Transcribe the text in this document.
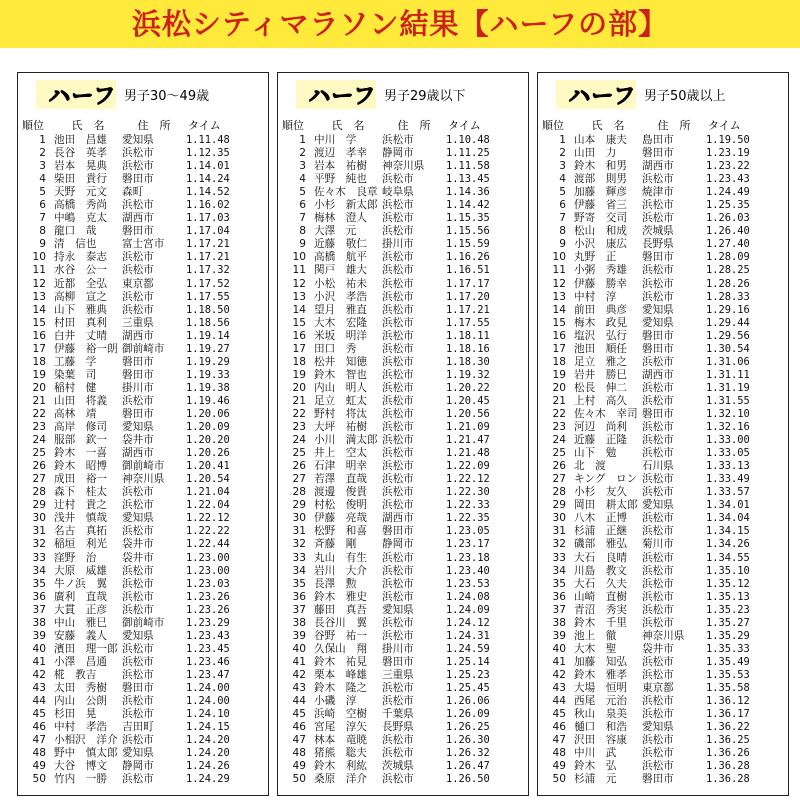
浜松シティマラソン結果【ハーフの部】
ハーフ 男子30～49歳
順位	氏　名	住　所	タイム
1 池田　昌雄	愛知県	1.11.48
2 長谷　英孝	浜松市	1.12.35
3 岩本　晃典	浜松市	1.14.01
4 柴田　貴行	磐田市	1.14.24
5 天野　元文	森町	1.14.52
6 高橋　秀尚	浜松市	1.16.02
7 中嶋　克太	湖西市	1.17.03
8 龍口　哉	磐田市	1.17.04
9 清　信也	富士宮市	1.17.21
10 持永　泰志	浜松市	1.17.21
11 水谷　公一	浜松市	1.17.32
12 近都　全弘	東京都	1.17.52
13 高柳　宣之	浜松市	1.17.55
14 山下　雅典	浜松市	1.18.50
15 村田　真利	三重県	1.18.56
16 白井　丈晴	湖西市	1.19.14
17 伊藤　裕一朗 御前崎市	1.19.27
18 工藤　学	磐田市	1.19.29
19 染葉　司	磐田市	1.19.33
20 稲村　健	掛川市	1.19.38
21 山田　将義	浜松市	1.19.46
22 高林　靖	磐田市	1.20.06
23 高岸　修司	愛知県	1.20.09
24 服部　欽一	袋井市	1.20.20
25 鈴木　一喜	湖西市	1.20.26
26 鈴木　昭博	御前崎市	1.20.41
27 成田　裕一	神奈川県	1.20.54
28 森下　桂太	浜松市	1.21.04
29 辻村　貴之	浜松市	1.22.04
30 浅井　慎哉	愛知県	1.22.12
31 名古　真拓	浜松市	1.22.22
32 稲垣　利光	袋井市	1.22.44
33 窪野　治	袋井市	1.23.00
34 大原　威雄	浜松市	1.23.00
35 牛ノ浜　翼	浜松市	1.23.03
36 廣利　直哉	浜松市	1.23.26
37 大貫　正彦	浜松市	1.23.26
38 中山　雅巳	御前崎市	1.23.29
39 安藤　義人	愛知県	1.23.43
40 濱田　理一郎 浜松市	1.23.45
41 小澤　昌通	浜松市	1.23.46
42 椛　教吉	浜松市	1.23.47
43 太田　秀樹	磐田市	1.24.00
44 内山　公朗	浜松市	1.24.00
45 杉田　晃	浜松市	1.24.10
46 中村　孝浩	吉田町	1.24.15
47 小相沢　洋介 浜松市	1.24.20
48 野中　慎太郎 愛知県	1.24.20
49 大谷　博文	静岡市	1.24.26
50 竹内　一勝	浜松市	1.24.29
ハーフ 男子29歳以下
順位	氏　名	住　所	タイム
1 中川　学	浜松市	1.10.48
2 渡辺　孝幸	静岡市	1.11.25
3 岩本　祐樹	神奈川県	1.11.58
4 平野　純也	浜松市	1.13.45
5 佐々木　良章 岐阜県	1.14.36
6 小杉　新太郎 浜松市	1.14.42
7 梅林　澄人	浜松市	1.15.35
8 大澤　元	浜松市	1.15.56
9 近藤　敬仁	掛川市	1.15.59
10 高橋　航平	浜松市	1.16.26
11 関戸　雄大	浜松市	1.16.51
12 小松　祐未	浜松市	1.17.17
13 小沢　孝浩	浜松市	1.17.20
14 望月　雅直	浜松市	1.17.21
15 大木　宏隆	浜松市	1.17.55
16 米坂　明洋	浜松市	1.18.11
17 田口　秀	浜松市	1.18.16
18 松井　知徳	浜松市	1.18.30
19 鈴木　智也	浜松市	1.19.32
20 内山　明人	浜松市	1.20.22
21 足立　虹太	浜松市	1.20.45
22 野村　将汰	浜松市	1.20.56
23 大坪　祐樹	浜松市	1.21.09
24 小川　満太郎 浜松市	1.21.47
25 井上　空太	浜松市	1.21.48
26 石津　明幸	浜松市	1.22.09
27 若澤　直哉	浜松市	1.22.12
28 渡邊　俊貴	浜松市	1.22.30
29 村松　俊明	浜松市	1.22.33
30 伊藤　亮哉	湖西市	1.22.35
31 松野　和喜	磐田市	1.23.05
32 斉藤　剛	静岡市	1.23.17
33 丸山　有生	浜松市	1.23.18
34 岩川　大介	浜松市	1.23.40
35 長澤　勲	浜松市	1.23.53
36 鈴木　雅史	浜松市	1.24.08
37 藤田　真吾	愛知県	1.24.09
38 長谷川　翼	浜松市	1.24.12
39 谷野　祐一	浜松市	1.24.31
40 久保山　翔	掛川市	1.24.59
41 鈴木　祐見	磐田市	1.25.14
42 栗本　峰雄	三重県	1.25.23
43 鈴木　隆之	浜松市	1.25.45
44 小磯　淳	浜松市	1.26.06
45 浜崎　空樹	千葉県	1.26.09
46 宮尾　淳矢	長野県	1.26.25
47 林本　竜暁	浜松市	1.26.30
48 猪熊　聡夫	浜松市	1.26.32
49 鈴木　利紘	茨城県	1.26.47
50 桑原　洋介	浜松市	1.26.50
ハーフ 男子50歳以上
順位	氏　名	住　所	タイム
1 山本　康夫	島田市	1.19.50
2 山田　力	磐田市	1.23.19
3 鈴木　和男	湖西市	1.23.22
4 渡部　則男	浜松市	1.23.43
5 加藤　輝彦	焼津市	1.24.49
6 伊藤　省三	浜松市	1.25.35
7 野寄　交司	浜松市	1.26.03
8 松山　和成	茨城県	1.26.40
9 小沢　康広	長野県	1.27.40
10 丸野　正	磐田市	1.28.09
11 小粥　秀雄	浜松市	1.28.25
12 伊藤　勝幸	浜松市	1.28.26
13 中村　淳	浜松市	1.28.33
14 前田　典彦	愛知県	1.29.16
15 梅木　政見	愛知県	1.29.44
16 塩沢　弘行	磐田市	1.29.56
17 池田　順任	磐田市	1.30.54
18 足立　雅之	浜松市	1.31.06
19 岩井　勝巳	湖西市	1.31.11
20 松長　伸二	浜松市	1.31.19
21 上村　高久	浜松市	1.31.55
22 佐々木　幸司 磐田市	1.32.10
23 河辺　尚利	浜松市	1.32.16
24 近藤　正隆	浜松市	1.33.00
25 山下　勉	浜松市	1.33.05
26 北　渡	石川県	1.33.13
27 キング　ロン 浜松市	1.33.49
28 小杉　友久	浜松市	1.33.57
29 岡田　耕太郎 愛知県	1.34.01
30 八木　正博	浜松市	1.34.04
31 杉浦　正継	浜松市	1.34.15
32 磯部　雅弘	菊川市	1.34.26
33 大石　良晴	浜松市	1.34.55
34 川島　教文	浜松市	1.35.10
35 大石　久夫	浜松市	1.35.12
36 山崎　直樹	浜松市	1.35.13
37 青沼　秀実	浜松市	1.35.23
38 鈴木　千里	浜松市	1.35.27
39 池上　徹	神奈川県	1.35.29
40 大木　聖	袋井市	1.35.33
41 加藤　知弘	浜松市	1.35.49
42 鈴木　雅孝	浜松市	1.35.53
43 大場　恒明	東京都	1.35.58
44 西尾　元治	浜松市	1.36.12
45 秋山　泉美	浜松市	1.36.17
46 樋口　和浩	愛知県	1.36.22
47 沢田　容康	浜松市	1.36.25
48 中川　武	浜松市	1.36.26
49 鈴木　弘	浜松市	1.36.28
50 杉浦　元	磐田市	1.36.28
